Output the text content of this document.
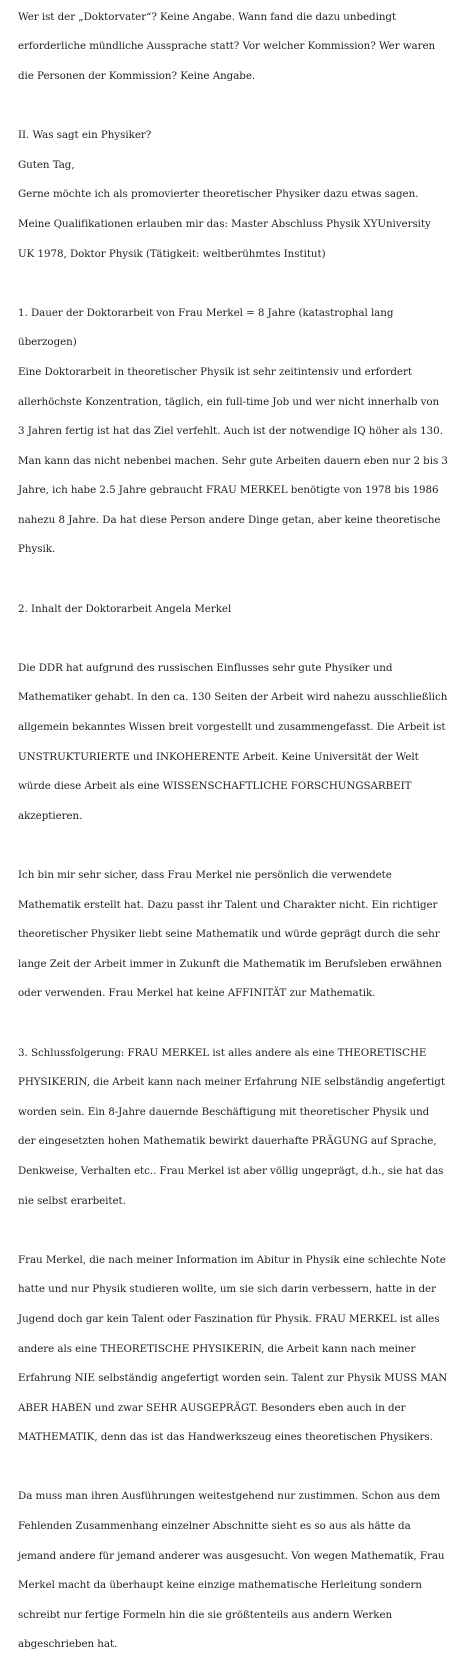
Wer ist der „Doktorvater“? Keine Angabe. Wann fand die dazu unbedingt

erforderliche mündliche Aussprache statt? Vor welcher Kommission? Wer waren

die Personen der Kommission? Keine Angabe.

II. Was sagt ein Physiker?

Guten Tag,

Gerne möchte ich als promovierter theoretischer Physiker dazu etwas sagen.

Meine Qualifikationen erlauben mir das: Master Abschluss Physik XYUniversity

UK 1978, Doktor Physik (Tätigkeit: weltberühmtes Institut)

1. Dauer der Doktorarbeit von Frau Merkel = 8 Jahre (katastrophal lang

überzogen)

Eine Doktorarbeit in theoretischer Physik ist sehr zeitintensiv und erfordert

allerhöchste Konzentration, täglich, ein full-time Job und wer nicht innerhalb von

3 Jahren fertig ist hat das Ziel verfehlt. Auch ist der notwendige IQ höher als 130.

Man kann das nicht nebenbei machen. Sehr gute Arbeiten dauern eben nur 2 bis 3

Jahre, ich habe 2.5 Jahre gebraucht FRAU MERKEL benötigte von 1978 bis 1986

nahezu 8 Jahre. Da hat diese Person andere Dinge getan, aber keine theoretische

Physik.

2. Inhalt der Doktorarbeit Angela Merkel

Die DDR hat aufgrund des russischen Einflusses sehr gute Physiker und

Mathematiker gehabt. In den ca. 130 Seiten der Arbeit wird nahezu ausschließlich

allgemein bekanntes Wissen breit vorgestellt und zusammengefasst. Die Arbeit ist

UNSTRUKTURIERTE und INKOHERENTE Arbeit. Keine Universität der Welt

würde diese Arbeit als eine WISSENSCHAFTLICHE FORSCHUNGSARBEIT

akzeptieren.

Ich bin mir sehr sicher, dass Frau Merkel nie persönlich die verwendete

Mathematik erstellt hat. Dazu passt ihr Talent und Charakter nicht. Ein richtiger

theoretischer Physiker liebt seine Mathematik und würde geprägt durch die sehr

lange Zeit der Arbeit immer in Zukunft die Mathematik im Berufsleben erwähnen

oder verwenden. Frau Merkel hat keine AFFINITÄT zur Mathematik.

3. Schlussfolgerung: FRAU MERKEL ist alles andere als eine THEORETISCHE

PHYSIKERIN, die Arbeit kann nach meiner Erfahrung NIE selbständig angefertigt

worden sein. Ein 8-Jahre dauernde Beschäftigung mit theoretischer Physik und

der eingesetzten hohen Mathematik bewirkt dauerhafte PRÄGUNG auf Sprache,

Denkweise, Verhalten etc.. Frau Merkel ist aber völlig ungeprägt, d.h., sie hat das

nie selbst erarbeitet.

Frau Merkel, die nach meiner Information im Abitur in Physik eine schlechte Note

hatte und nur Physik studieren wollte, um sie sich darin verbessern, hatte in der

Jugend doch gar kein Talent oder Faszination für Physik. FRAU MERKEL ist alles

andere als eine THEORETISCHE PHYSIKERIN, die Arbeit kann nach meiner

Erfahrung NIE selbständig angefertigt worden sein. Talent zur Physik MUSS MAN

ABER HABEN und zwar SEHR AUSGEPRÄGT. Besonders eben auch in der

MATHEMATIK, denn das ist das Handwerkszeug eines theoretischen Physikers.

Da muss man ihren Ausführungen weitestgehend nur zustimmen. Schon aus dem

Fehlenden Zusammenhang einzelner Abschnitte sieht es so aus als hätte da

jemand andere für jemand anderer was ausgesucht. Von wegen Mathematik, Frau

Merkel macht da überhaupt keine einzige mathematische Herleitung sondern

schreibt nur fertige Formeln hin die sie größtenteils aus andern Werken

abgeschrieben hat.
